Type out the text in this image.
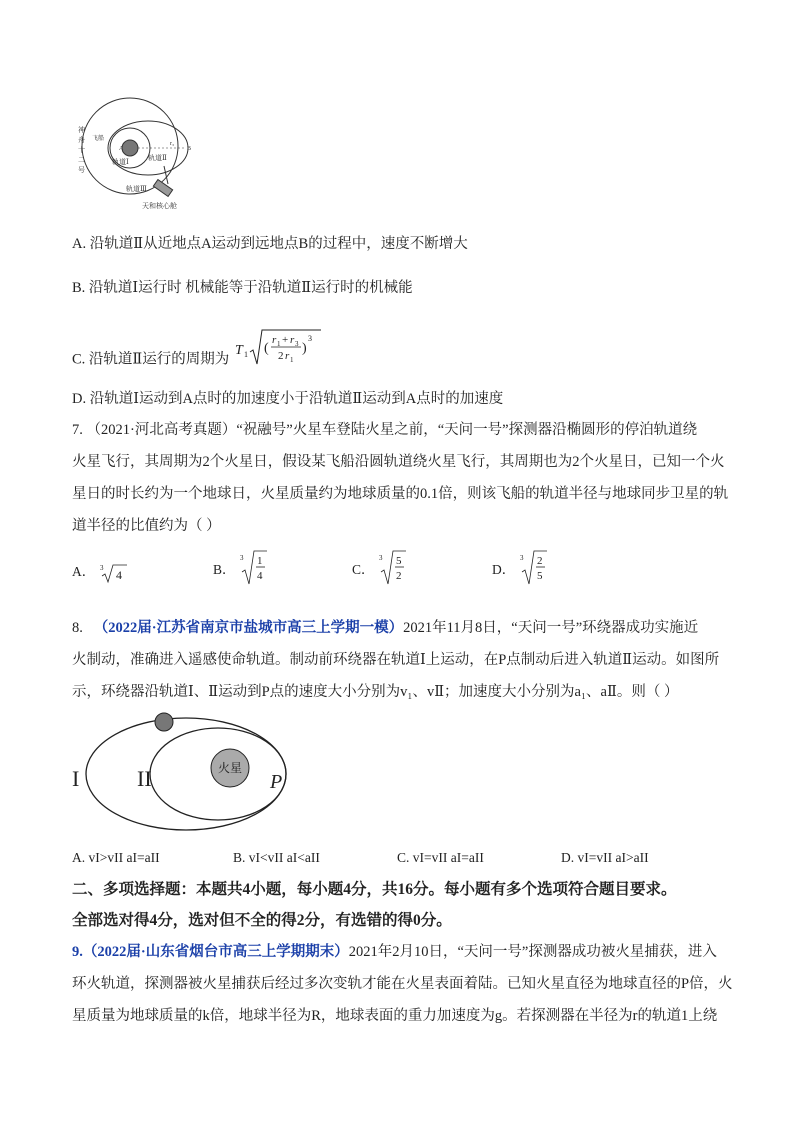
轨道Ⅰ	轨道Ⅱ
轨道Ⅲ
天和核心舱
飞船
A	B
r₃
神
舟
十
二
号
A. 沿轨道Ⅱ从近地点A运动到远地点B的过程中，速度不断增大
B. 沿轨道Ⅰ运行时 机械能等于沿轨道Ⅱ运行时的机械能
C. 沿轨道Ⅱ运行的周期为
T 1 (
r 1 + r 3
2 r 1
)
3
D. 沿轨道Ⅰ运动到A点时的加速度小于沿轨道Ⅱ运动到A点时的加速度
7. （2021·河北高考真题）“祝融号”火星车登陆火星之前，“天问一号”探测器沿椭圆形的停泊轨道绕
火星飞行，其周期为2个火星日，假设某飞船沿圆轨道绕火星飞行，其周期也为2个火星日，已知一个火
星日的时长约为一个地球日，火星质量约为地球质量的0.1倍，则该飞船的轨道半径与地球同步卫星的轨
道半径的比值约为（ ）
A． 3 4	B．
3 1
4	C．
3 5
2	D．
3 2
5
8. （2022届·江苏省南京市盐城市高三上学期一模）2021年11月8日，“天问一号”环绕器成功实施近
火制动，准确进入遥感使命轨道。制动前环绕器在轨道Ⅰ上运动，在P点制动后进入轨道Ⅱ运动。如图所
示，环绕器沿轨道Ⅰ、Ⅱ运动到P点的速度大小分别为v₁、vⅡ；加速度大小分别为a₁、aⅡ。则（ ）
I	II	火星
P
A. vI>vII aI=aII	B. vI<vII aI<aII	C. vI=vII aI=aII	D. vI=vII aI>aII
二、多项选择题：本题共4小题，每小题4分，共16分。每小题有多个选项符合题目要求。
全部选对得4分，选对但不全的得2分，有选错的得0分。
9.（2022届·山东省烟台市高三上学期期末）2021年2月10日，“天问一号”探测器成功被火星捕获，进入
环火轨道，探测器被火星捕获后经过多次变轨才能在火星表面着陆。已知火星直径为地球直径的P倍，火
星质量为地球质量的k倍，地球半径为R，地球表面的重力加速度为g。若探测器在半径为r的轨道1上绕
